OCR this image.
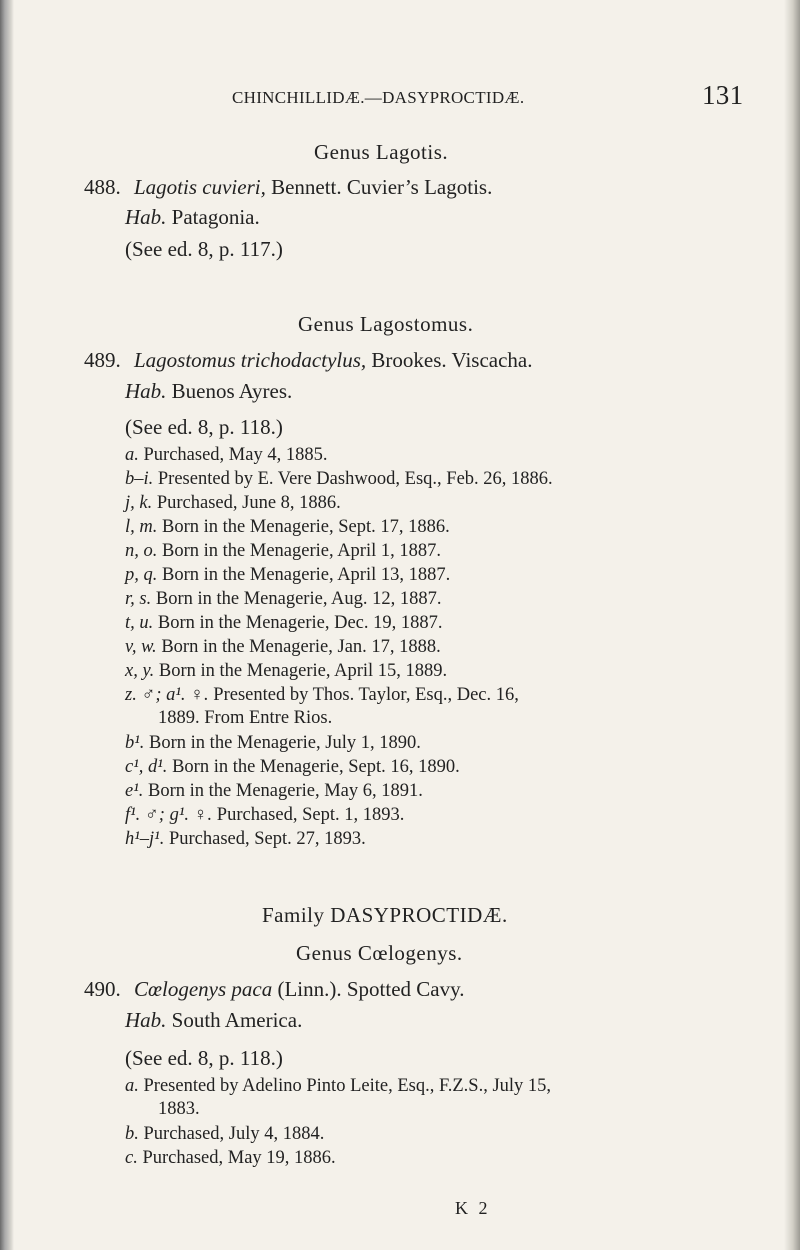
CHINCHILLIDÆ.—DASYPROCTIDÆ.	131
Genus Lagotis.
488. Lagotis cuvieri, Bennett. Cuvier’s Lagotis.
Hab. Patagonia.
(See ed. 8, p. 117.)
Genus Lagostomus.
489. Lagostomus trichodactylus, Brookes. Viscacha.
Hab. Buenos Ayres.
(See ed. 8, p. 118.)
a. Purchased, May 4, 1885.
b–i. Presented by E. Vere Dashwood, Esq., Feb. 26, 1886.
j, k. Purchased, June 8, 1886.
l, m. Born in the Menagerie, Sept. 17, 1886.
n, o. Born in the Menagerie, April 1, 1887.
p, q. Born in the Menagerie, April 13, 1887.
r, s. Born in the Menagerie, Aug. 12, 1887.
t, u. Born in the Menagerie, Dec. 19, 1887.
v, w. Born in the Menagerie, Jan. 17, 1888.
x, y. Born in the Menagerie, April 15, 1889.
z. ♂; a¹. ♀. Presented by Thos. Taylor, Esq., Dec. 16,
1889. From Entre Rios.
b¹. Born in the Menagerie, July 1, 1890.
c¹, d¹. Born in the Menagerie, Sept. 16, 1890.
e¹. Born in the Menagerie, May 6, 1891.
f¹. ♂; g¹. ♀. Purchased, Sept. 1, 1893.
h¹–j¹. Purchased, Sept. 27, 1893.
Family DASYPROCTIDÆ.
Genus Cœlogenys.
490. Cœlogenys paca (Linn.). Spotted Cavy.
Hab. South America.
(See ed. 8, p. 118.)
a. Presented by Adelino Pinto Leite, Esq., F.Z.S., July 15,
1883.
b. Purchased, July 4, 1884.
c. Purchased, May 19, 1886.
K 2
